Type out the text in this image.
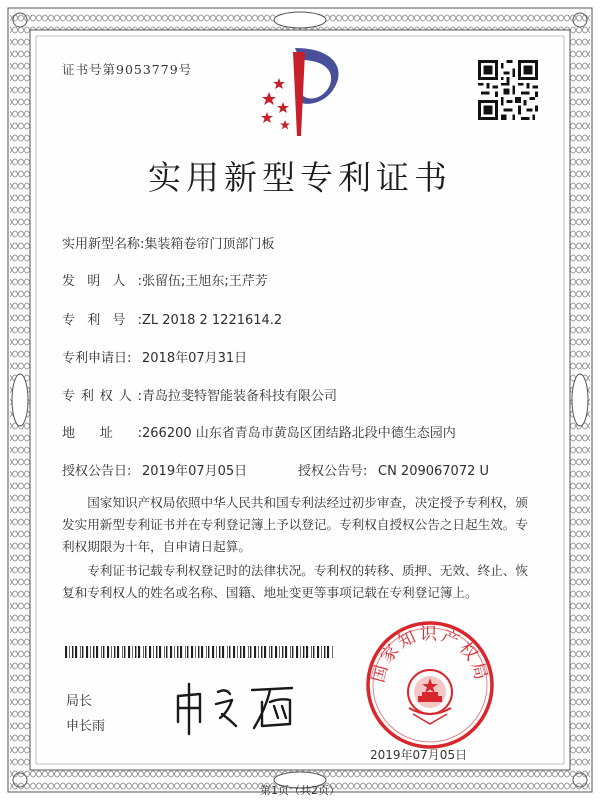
证书号第9053779号
实用新型专利证书
实用新型名称:集装箱卷帘门顶部门板
发明人:张留伍;王旭东;王芹芳
专利号:ZL 2018 2 1221614.2
专利申请日: 2018年07月31日
专利权人:青岛拉斐特智能装备科技有限公司
地址:266200 山东省青岛市黄岛区团结路北段中德生态园内
授权公告日: 2019年07月05日	授权公告号: CN 209067072 U
国家知识产权局依照中华人民共和国专利法经过初步审查，决定授予专利权，颁发实用新型专利证书并在专利登记簿上予以登记。专利权自授权公告之日起生效。专利权期限为十年，自申请日起算。
专利证书记载专利权登记时的法律状况。专利权的转移、质押、无效、终止、恢复和专利权人的姓名或名称、国籍、地址变更等事项记载在专利登记簿上。
局长
申长雨
国家知识产权局
2019年07月05日
第1页（共2页）
